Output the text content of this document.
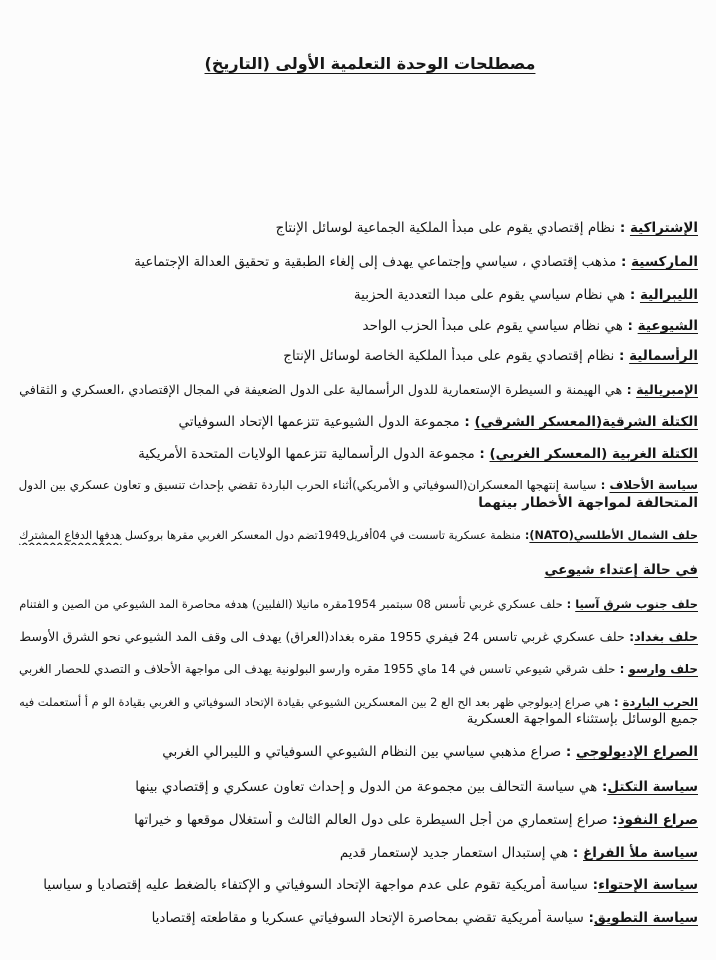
مصطلحات الوحدة التعلمية الأولى (التاريخ)
الإشتراكية : نظام إقتصادي يقوم على مبدأ الملكية الجماعية لوسائل الإنتاج
الماركسية : مذهب إقتصادي ، سياسي وإجتماعي يهدف إلى إلغاء الطبقية و تحقيق العدالة الإجتماعية
الليبرالية : هي نظام سياسي يقوم على مبدا التعددية الحزبية
الشيوعية : هي نظام سياسي يقوم على مبدأ الحزب الواحد
الرأسمالية : نظام إقتصادي يقوم على مبدأ الملكية الخاصة لوسائل الإنتاج
الإمبريالية : هي الهيمنة و السيطرة الإستعمارية للدول الرأسمالية على الدول الضعيفة في المجال الإقتصادي ،العسكري و الثقافي
الكتلة الشرقية(المعسكر الشرقي) : مجموعة الدول الشيوعية تتزعمها الإتحاد السوفياتي
الكتلة الغربية (المعسكر الغربي) : مجموعة الدول الرأسمالية تتزعمها الولايات المتحدة الأمريكية
سياسة الأحلاف : سياسة إنتهجها المعسكران(السوفياتي و الأمريكي)أثناء الحرب الباردة تقضي بإحداث تنسيق و تعاون عسكري بين الدول
المتحالفة لمواجهة الأخطار بينهما
حلف الشمال الأطلسي(NATO): منظمة عسكرية تاسست في 04أفريل1949تضم دول المعسكر الغربي مقرها بروكسل هدفها الدفاع المشترك
في حالة إعتداء شيوعي
حلف جنوب شرق آسيا : حلف عسكري غربي تأسس 08 سبتمبر 1954مقره مانيلا (الفلبين) هدفه محاصرة المد الشيوعي من الصين و الفتنام
حلف بغداد: حلف عسكري غربي تاسس 24 فيفري 1955 مقره بغداد(العراق) يهدف الى وقف المد الشيوعي نحو الشرق الأوسط
حلف وارسو : حلف شرقي شيوعي تاسس في 14 ماي 1955 مقره وارسو البولونية يهدف الى مواجهة الأحلاف و التصدي للحصار الغربي
الحرب الباردة : هي صراع إديولوجي ظهر بعد الح الع 2 بين المعسكرين الشيوعي بقيادة الإتحاد السوفياتي و الغربي بقيادة الو م أ أستعملت فيه
جميع الوسائل بإستثناء المواجهة العسكرية
الصراع الإديولوجي : صراع مذهبي سياسي بين النظام الشيوعي السوفياتي و الليبرالي الغربي
سياسة التكتل: هي سياسة التحالف بين مجموعة من الدول و إحداث تعاون عسكري و إقتصادي بينها
صراع النفوذ: صراع إستعماري من أجل السيطرة على دول العالم الثالث و أستغلال موقعها و خيراتها
سياسة ملأ الفراغ : هي إستبدال استعمار جديد لإستعمار قديم
سياسة الإحتواء: سياسة أمريكية تقوم على عدم مواجهة الإتحاد السوفياتي و الإكتفاء بالضغط عليه إقتصاديا و سياسيا
سياسة التطويق: سياسة أمريكية تقضي بمحاصرة الإتحاد السوفياتي عسكريا و مقاطعته إقتصاديا
